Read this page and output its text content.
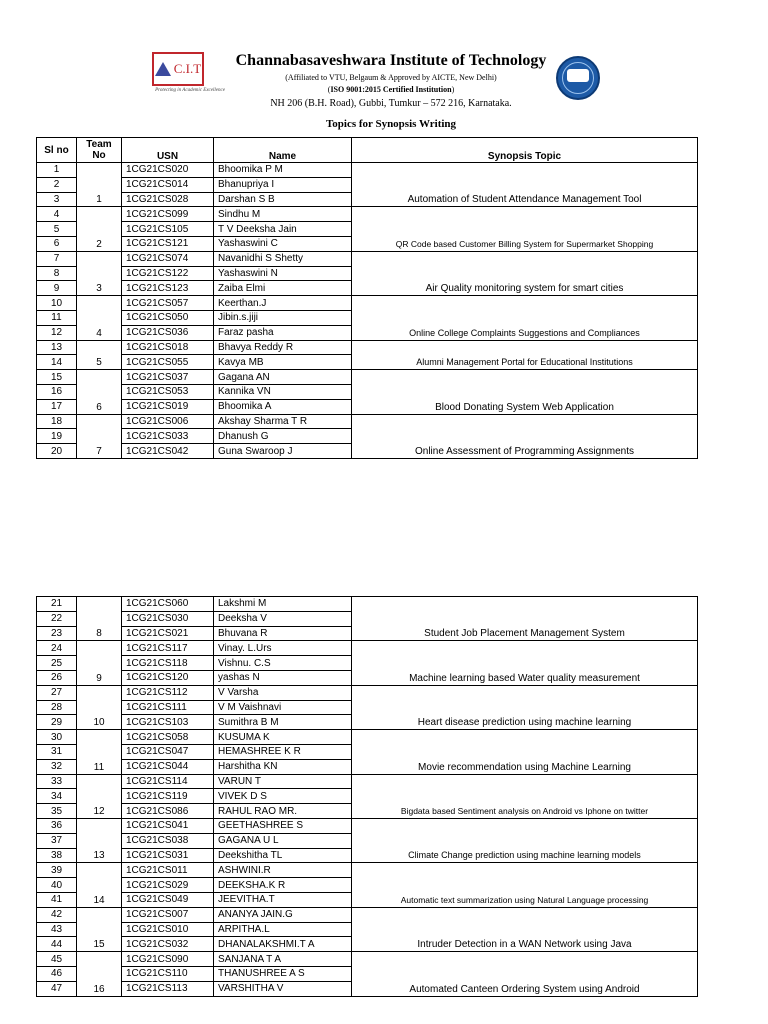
C.I.T
Protecting in Academic Excellence
Channabasaveshwara Institute of Technology
(Affiliated to VTU, Belgaum & Approved by AICTE, New Delhi)
(ISO 9001:2015 Certified Institution)
NH 206 (B.H. Road), Gubbi, Tumkur – 572 216, Karnataka.
Topics for Synopsis Writing
Sl no	Team No	USN	Name	Synopsis Topic
1	1	1CG21CS020	Bhoomika P M	Automation of Student Attendance Management Tool
2		1CG21CS014	Bhanupriya I	
3		1CG21CS028	Darshan S B	
4	2	1CG21CS099	Sindhu M	QR Code based Customer Billing System for Supermarket Shopping
5		1CG21CS105	T V Deeksha Jain	
6		1CG21CS121	Yashaswini C	
7	3	1CG21CS074	Navanidhi S Shetty	Air Quality monitoring system for smart cities
8		1CG21CS122	Yashaswini N	
9		1CG21CS123	Zaiba Elmi	
10	4	1CG21CS057	Keerthan.J	Online College Complaints Suggestions and Compliances
11		1CG21CS050	Jibin.s.jiji	
12		1CG21CS036	Faraz pasha	
13	5	1CG21CS018	Bhavya Reddy R	Alumni Management Portal for Educational Institutions
14		1CG21CS055	Kavya MB	
15	6	1CG21CS037	Gagana AN	Blood Donating System Web Application
16		1CG21CS053	Kannika VN	
17		1CG21CS019	Bhoomika A	
18	7	1CG21CS006	Akshay Sharma T R	Online Assessment of Programming Assignments
19		1CG21CS033	Dhanush G	
20		1CG21CS042	Guna Swaroop J	
21	8	1CG21CS060	Lakshmi M	Student Job Placement Management System
22		1CG21CS030	Deeksha V	
23		1CG21CS021	Bhuvana R	
24	9	1CG21CS117	Vinay. L.Urs	Machine learning based Water quality measurement
25		1CG21CS118	Vishnu. C.S	
26		1CG21CS120	yashas N	
27	10	1CG21CS112	V Varsha	Heart disease prediction using machine learning
28		1CG21CS111	V M Vaishnavi	
29		1CG21CS103	Sumithra B M	
30	11	1CG21CS058	KUSUMA K	Movie recommendation using Machine Learning
31		1CG21CS047	HEMASHREE K R	
32		1CG21CS044	Harshitha KN	
33	12	1CG21CS114	VARUN T	Bigdata based Sentiment analysis on Android vs Iphone on twitter
34		1CG21CS119	VIVEK D S	
35		1CG21CS086	RAHUL RAO MR.	
36	13	1CG21CS041	GEETHASHREE S	Climate Change prediction using machine learning models
37		1CG21CS038	GAGANA U L	
38		1CG21CS031	Deekshitha TL	
39	14	1CG21CS011	ASHWINI.R	Automatic text summarization using Natural Language processing
40		1CG21CS029	DEEKSHA.K R	
41		1CG21CS049	JEEVITHA.T	
42	15	1CG21CS007	ANANYA JAIN.G	Intruder Detection in a WAN Network using Java
43		1CG21CS010	ARPITHA.L	
44		1CG21CS032	DHANALAKSHMI.T A	
45	16	1CG21CS090	SANJANA T A	Automated Canteen Ordering System using Android
46		1CG21CS110	THANUSHREE A S	
47		1CG21CS113	VARSHITHA V	
